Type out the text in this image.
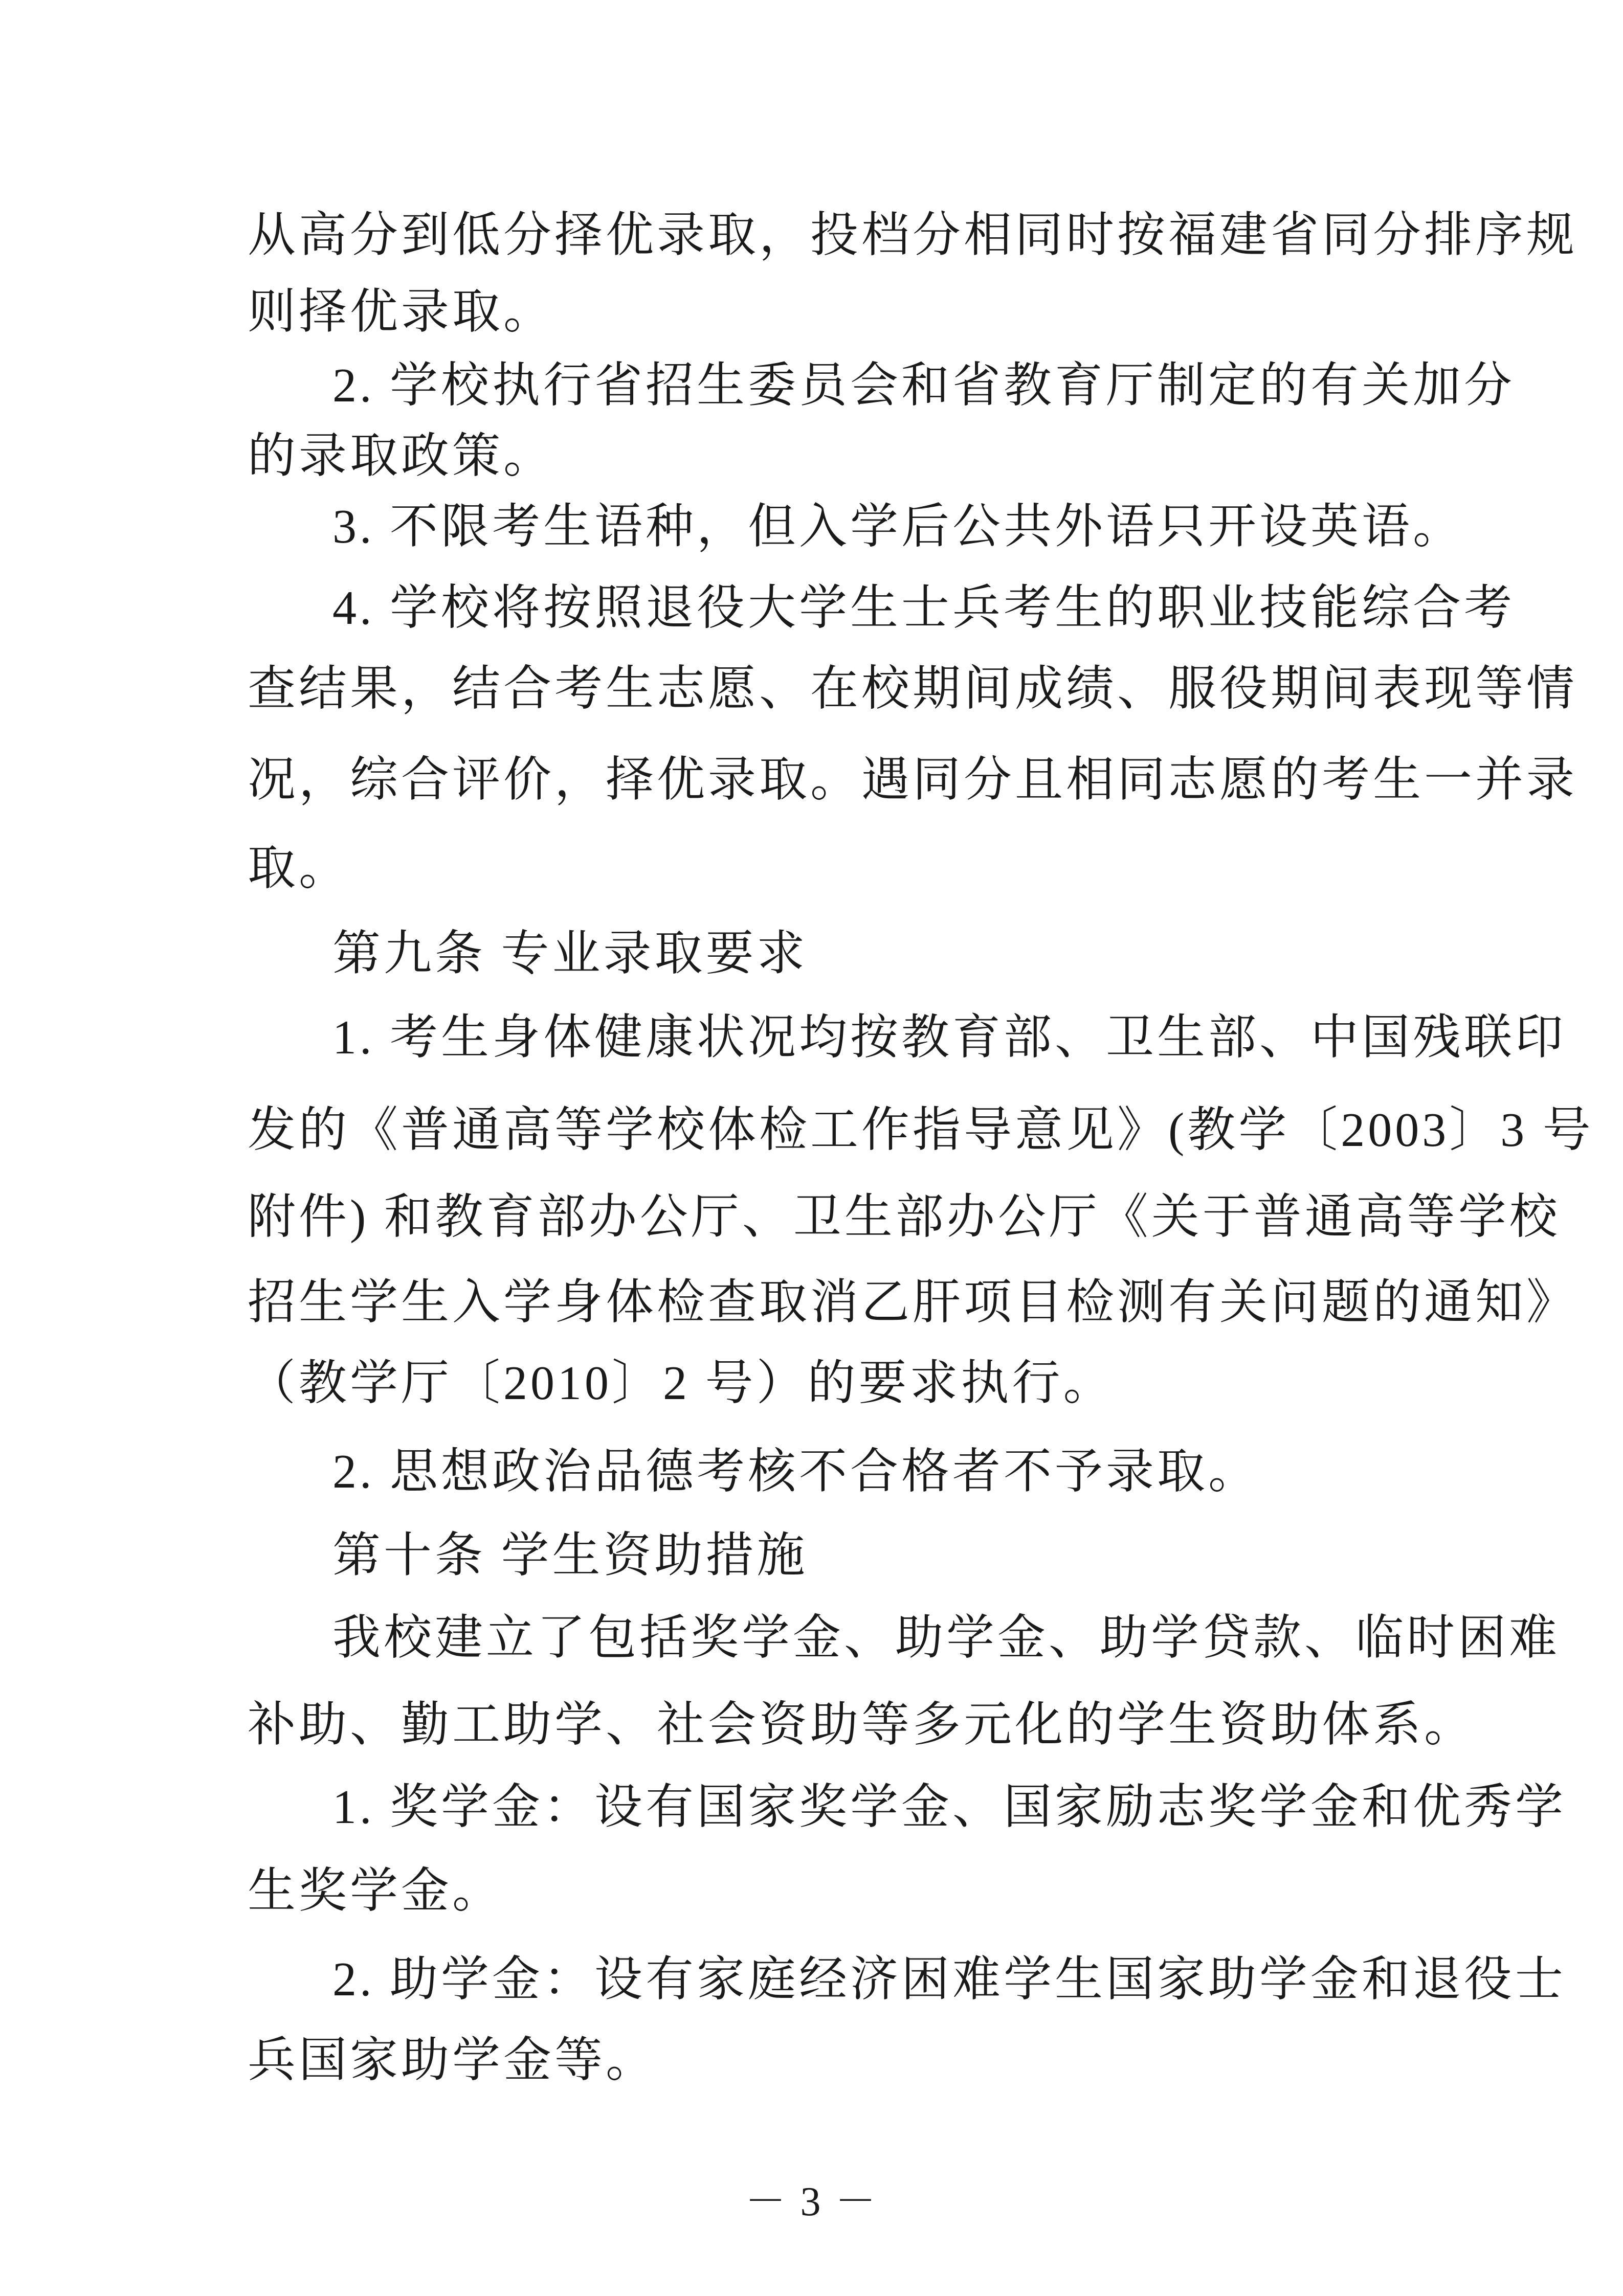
从高分到低分择优录取，投档分相同时按福建省同分排序规
则择优录取。
2. 学校执行省招生委员会和省教育厅制定的有关加分
的录取政策。
3. 不限考生语种，但入学后公共外语只开设英语。
4. 学校将按照退役大学生士兵考生的职业技能综合考
查结果，结合考生志愿、在校期间成绩、服役期间表现等情
况，综合评价，择优录取。遇同分且相同志愿的考生一并录
取。
第九条 专业录取要求
1. 考生身体健康状况均按教育部、卫生部、中国残联印
发的《普通高等学校体检工作指导意见》(教学〔2003〕3 号
附件) 和教育部办公厅、卫生部办公厅《关于普通高等学校
招生学生入学身体检查取消乙肝项目检测有关问题的通知》
（教学厅〔2010〕2 号）的要求执行。
2. 思想政治品德考核不合格者不予录取。
第十条 学生资助措施
我校建立了包括奖学金、助学金、助学贷款、临时困难
补助、勤工助学、社会资助等多元化的学生资助体系。
1. 奖学金：设有国家奖学金、国家励志奖学金和优秀学
生奖学金。
2. 助学金：设有家庭经济困难学生国家助学金和退役士
兵国家助学金等。
－ 3 －
